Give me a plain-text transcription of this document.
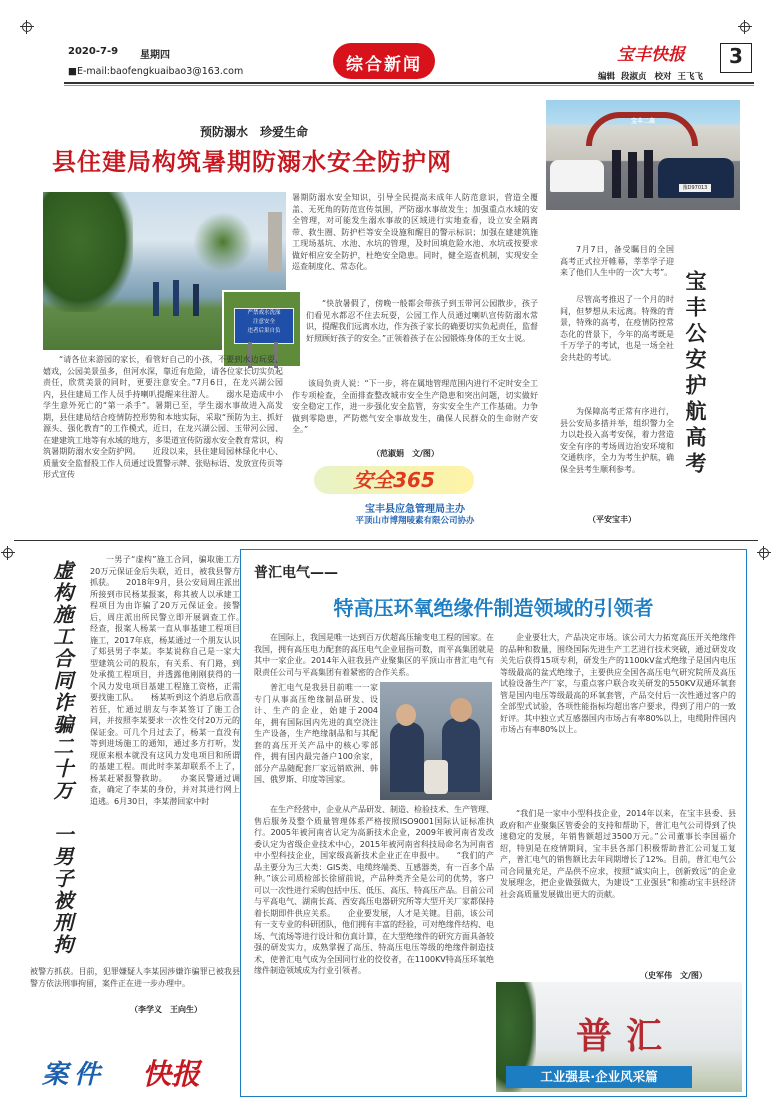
2020-7-9 星期四
■E-mail:baofengkuaibao3@163.com	综合新闻	宝丰快报	3
编辑 段淑贞 校对 王飞飞
预防溺水　珍爱生命
县住建局构筑暑期防溺水安全防护网
严禁戏水洗澡
注意安全
违者后果自负
暑期防溺水安全知识，引导全民提高未成年人防范意识，营造全覆盖、无死角的防范宣传氛围，严防溺水事故发生；加强重点水域的安全管理，对可能发生溺水事故的区域进行实地查看，设立安全隔离带、救生圈、防护栏等安全设施和醒目的警示标识；加强在建建筑施工现场基坑、水池、水坑的管理，及时回填危险水池、水坑或按要求做好相应安全防护，杜绝安全隐患。同时，健全巡查机制，实现安全巡查制度化、常态化。
“快放暑假了，傍晚一般都会带孩子到玉带河公园散步，孩子们看见水都忍不住去玩耍，公园工作人员通过喇叭宣传防溺水常识，提醒我们远离水边，作为孩子家长的确要切实负起责任，监督好照顾好孩子的安全。”正领着孩子在公园锻炼身体的王女士说。
该局负责人说：“下一步，将在属地管理范围内进行不定时安全工作专项检查，全面排查整改城市安全生产隐患和突出问题，切实做好安全稳定工作，进一步强化安全监管，夯实安全生产工作基础。力争做到零隐患，严防燃气安全事故发生，确保人民群众的生命财产安全。”
（范淑娟　文/图）
“请各位来游园的家长，看管好自己的小孩，不要到水边玩耍、嬉戏，公园美景虽多，但河水深，靠近有危险，请各位家长切实负起责任，欣赏美景的同时，更要注意安全。”7月6日，在龙兴湖公园内，县住建局工作人员手持喇叭提醒来往游人。　　溺水是造成中小学生意外死亡的“第一杀手”。暑期已至，学生溺水事故进入高发期，县住建局结合疫情防控形势和本地实际，采取“预防为主、抓好源头、强化教育”的工作模式，近日，在龙兴湖公园、玉带河公园、在建建筑工地等有水域的地方，多渠道宣传防溺水安全教育常识，构筑暑期防溺水安全防护网。　　近段以来，县住建局园林绿化中心、质量安全监督股工作人员通过设置警示牌、张贴标语、发放宣传页等形式宣传	安全365
宝丰县应急管理局主办
平顶山市博翔唛素有限公司协办
宝丰二高
豫D97013
宝丰公安护航高考
7月7日，备受瞩目的全国高考正式拉开帷幕，莘莘学子迎来了他们人生中的一次“大考”。
尽管高考推迟了一个月的时间，但梦想从未远离。特殊的背景，特殊的高考，在疫情防控常态化的背景下，今年的高考既是千万学子的考试，也是一场全社会共赴的考试。
为保障高考正常有序进行，县公安局多措并举，组织警力全力以赴投入高考安保，着力营造安全有序的考场周边治安环境和交通秩序，全力为考生护航，确保全县考生顺利参考。
（平安宝丰）
虚构施工合同诈骗二十万　一男子被刑拘
一男子“虚构”施工合同，骗取施工方20万元保证金后失联，近日，被我县警方抓获。　　2018年9月，县公安局周庄派出所接到市民杨某报案，称其被人以承建工程项目为由诈骗了20万元保证金。接警后，周庄派出所民警立即开展调查工作。　　经查，报案人杨某一直从事基建工程项目施工，2017年底，杨某通过一个朋友认识了郏县男子李某。李某说称自己是一家大型建筑公司的股东，有关系、有门路，到处承揽工程项目，并透露他刚刚获得的一个风力发电项目基建工程施工资格，正需要找施工队。　　杨某听到这个消息后欣喜若狂，忙通过朋友与李某签订了施工合同，并按照李某要求一次性交付20万元的保证金。可几个月过去了，杨某一直没有等到进场施工的通知，通过多方打听，发现原来根本就没有这风力发电项目和所谓的基建工程。而此时李某却联系不上了，杨某赶紧报警救助。　　办案民警通过调查，确定了李某的身份，并对其进行网上追逃。6月30日，李某潜回家中时
被警方抓获。目前，犯罪嫌疑人李某因涉嫌诈骗罪已被我县警方依法刑事拘留，案件正在进一步办理中。
（李学义　王向生）
案件 快报
普汇电气——
特高压环氧绝缘件制造领域的引领者
在国际上，我国是唯一达到百万伏超高压输变电工程的国家。在我国，拥有高压电力配套的高压电气企业屈指可数，而平高集团就是其中一家企业。2014年入驻我县产业聚集区的平顶山市普汇电气有限责任公司与平高集团有着紧密的合作关系。
普汇电气是我县目前唯一一家专门从事高压绝缘制品研发、设计、生产的企业，始建于2004年，拥有国际国内先进的真空浇注生产设备，生产绝缘制品和与其配套的高压开关产品中的核心零部件，拥有国内最完备户100余家，部分产品随配套厂家远销欧洲、韩国、俄罗斯、印度等国家。
在生产经营中，企业从产品研发、制造、检验技术、生产管理、售后服务及整个质量管理体系严格按照ISO9001国际认证标准执行。2005年被河南省认定为高新技术企业，2009年被河南省发改委认定为省级企业技术中心，2015年被河南省科技局命名为河南省中小型科技企业，国家级高新技术企业正在申报中。　　“我们的产品主要分为三大类：GIS类、电缆终端类、互感器类，有一百多个品种。”该公司质检部长徐留前说，产品种类齐全是公司的优势，客户可以一次性进行采购包括中压、低压、高压、特高压产品。目前公司与平高电气、湖南长高、西安高压电器研究所等大型开关厂家都保持着长期即件供应关系。　　企业要发展，人才是关键。目前，该公司有一支专业的科研团队，他们拥有丰富的经验，可对绝缘件结构、电场、气流场等进行设计和仿真计算，在大型绝缘件的研究方面具备较强的研发实力，成熟掌握了高压、特高压电压等级的绝缘件制造技术，使普汇电气成为全国同行业的佼佼者，在1100KV特高压环氧绝缘件制造领域成为行业引领者。
企业要壮大，产品决定市场。该公司大力拓宽高压开关绝缘件的品种和数量，围绕国际先进生产工艺进行技术突破，通过研发攻关先后获得15项专利，研发生产的1100kV盆式绝缘子是国内电压等级最高的盆式绝缘子，主要供应全国各高压电气研究院所及高压试验设备生产厂家，与重点客户联合攻关研发的550KV双通环氧套管是国内电压等级最高的环氧套管，产品交付后一次性通过客户的全部型式试验，各项性能指标均超出客户要求，得到了用户的一致好评。其中独立式互感器国内市场占有率80%以上，电缆附件国内市场占有率80%以上。
“我们是一家中小型科技企业，2014年以来，在宝丰县委、县政府和产业聚集区管委会的支持和帮助下，普汇电气公司得到了快速稳定的发展，年销售额超过3500万元。”公司董事长李国福介绍，特别是在疫情期间，宝丰县各部门积极帮助普汇公司复工复产，普汇电气的销售额比去年同期增长了12%。目前，普汇电气公司合同量充足，产品供不应求，按照“诚实向上，创新致远”的企业发展理念，把企业做强做大，为建设“工业强县”和推动宝丰县经济社会高质量发展做出更大的贡献。
（史军伟　文/图）
普汇
工业强县·企业风采篇
